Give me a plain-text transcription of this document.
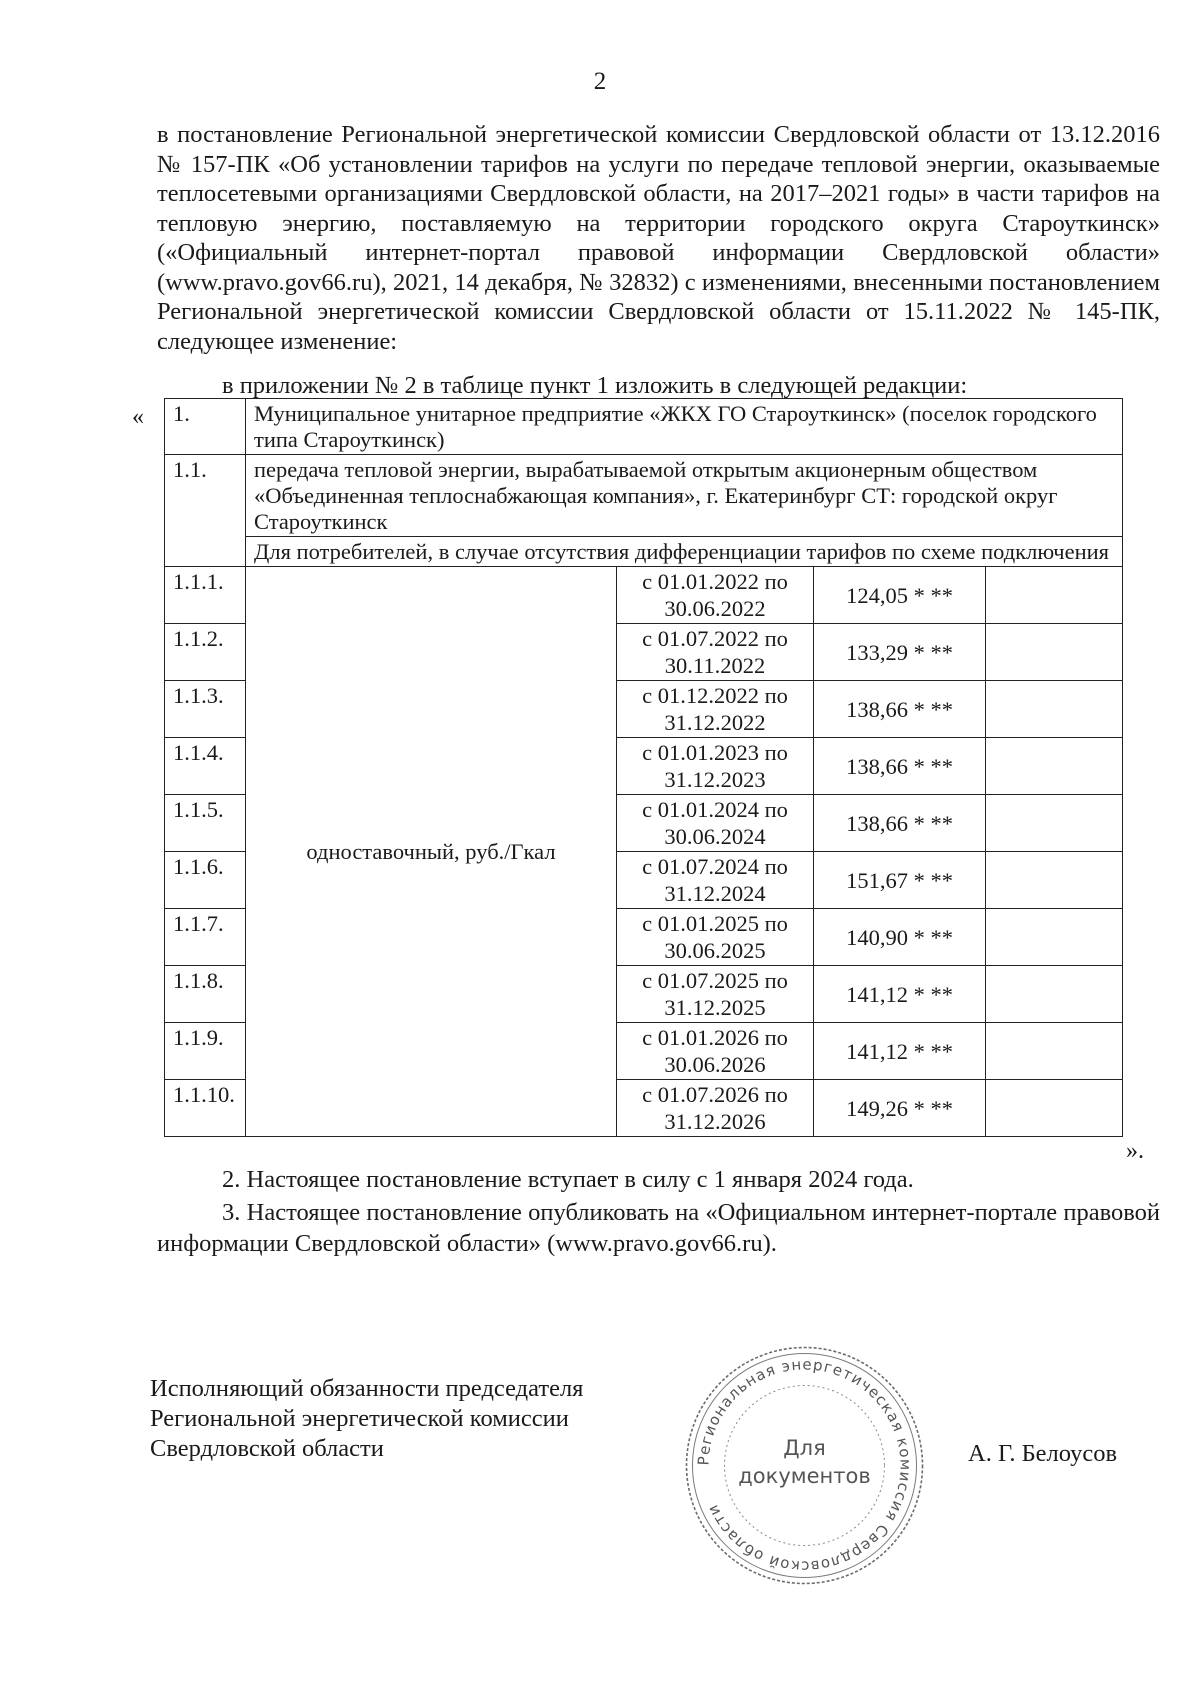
2

в постановление Региональной энергетической комиссии Свердловской области от 13.12.2016 № 157-ПК «Об установлении тарифов на услуги по передаче тепловой энергии, оказываемые теплосетевыми организациями Свердловской области, на 2017–2021 годы» в части тарифов на тепловую энергию, поставляемую на территории городского округа Староуткинск» («Официальный интернет-портал правовой информации Свердловской области» (www.pravo.gov66.ru), 2021, 14 декабря, № 32832) с изменениями, внесенными постановлением Региональной энергетической комиссии Свердловской области от 15.11.2022 № 145-ПК, следующее изменение:

в приложении № 2 в таблице пункт 1 изложить в следующей редакции:

« 1.	Муниципальное унитарное предприятие «ЖКХ ГО Староуткинск» (поселок городского типа Староуткинск)			
1.1.	передача тепловой энергии, вырабатываемой открытым акционерным обществом «Объединенная теплоснабжающая компания», г. Екатеринбург СТ: городской округ Староуткинск			
	Для потребителей, в случае отсутствия дифференциации тарифов по схеме подключения			
1.1.1.	одноставочный, руб./Гкал	с 01.01.2022 по 30.06.2022	124,05 * **	
1.1.2.		с 01.07.2022 по 30.11.2022	133,29 * **	
1.1.3.		с 01.12.2022 по 31.12.2022	138,66 * **	
1.1.4.		с 01.01.2023 по 31.12.2023	138,66 * **	
1.1.5.		с 01.01.2024 по 30.06.2024	138,66 * **	
1.1.6.		с 01.07.2024 по 31.12.2024	151,67 * **	
1.1.7.		с 01.01.2025 по 30.06.2025	140,90 * **	
1.1.8.		с 01.07.2025 по 31.12.2025	141,12 * **	
1.1.9.		с 01.01.2026 по 30.06.2026	141,12 * **	
1.1.10.		с 01.07.2026 по 31.12.2026	149,26 * **	
».

2. Настоящее постановление вступает в силу с 1 января 2024 года.

3. Настоящее постановление опубликовать на «Официальном интернет-портале правовой информации Свердловской области» (www.pravo.gov66.ru).

Исполняющий обязанности председателя
Региональной энергетической комиссии
Свердловской области	Региональная энергетическая комиссия Свердловской области
Для
документов
А. Г. Белоусов
